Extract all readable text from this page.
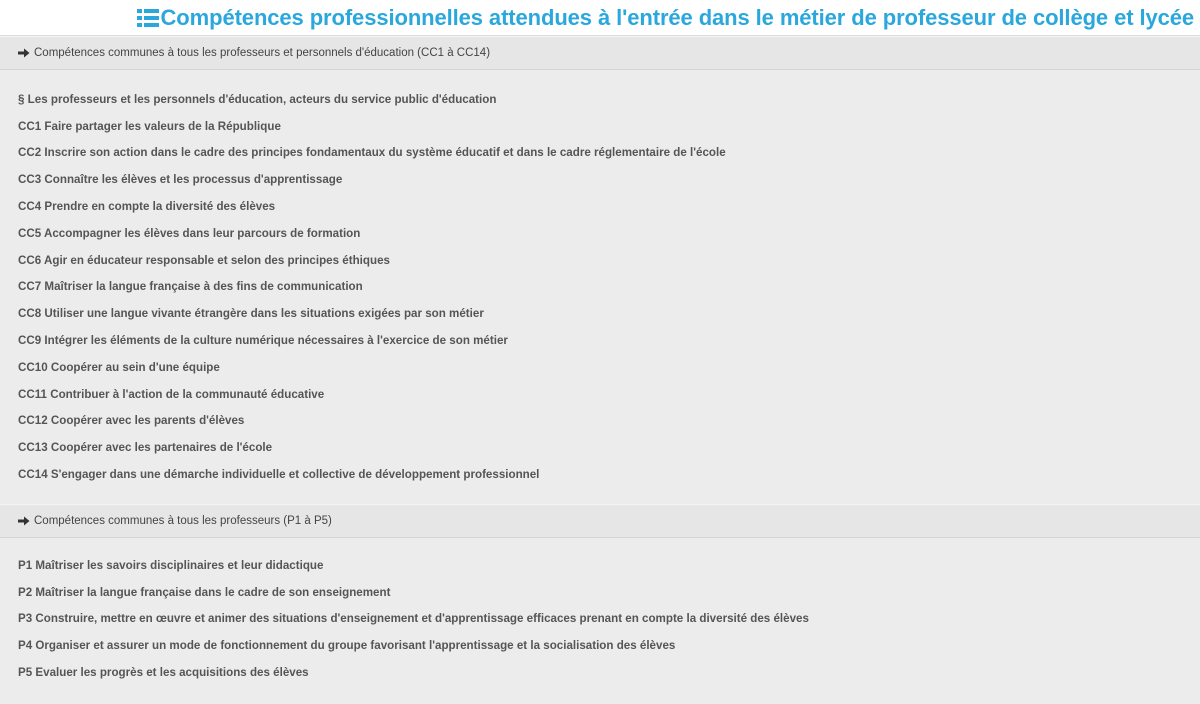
Compétences professionnelles attendues à l'entrée dans le métier de professeur de collège et lycée
Compétences communes à tous les professeurs et personnels d'éducation (CC1 à CC14)
§ Les professeurs et les personnels d'éducation, acteurs du service public d'éducation
CC1 Faire partager les valeurs de la République
CC2 Inscrire son action dans le cadre des principes fondamentaux du système éducatif et dans le cadre réglementaire de l'école
CC3 Connaître les élèves et les processus d'apprentissage
CC4 Prendre en compte la diversité des élèves
CC5 Accompagner les élèves dans leur parcours de formation
CC6 Agir en éducateur responsable et selon des principes éthiques
CC7 Maîtriser la langue française à des fins de communication
CC8 Utiliser une langue vivante étrangère dans les situations exigées par son métier
CC9 Intégrer les éléments de la culture numérique nécessaires à l'exercice de son métier
CC10 Coopérer au sein d'une équipe
CC11 Contribuer à l'action de la communauté éducative
CC12 Coopérer avec les parents d'élèves
CC13 Coopérer avec les partenaires de l'école
CC14 S'engager dans une démarche individuelle et collective de développement professionnel
Compétences communes à tous les professeurs (P1 à P5)
P1 Maîtriser les savoirs disciplinaires et leur didactique
P2 Maîtriser la langue française dans le cadre de son enseignement
P3 Construire, mettre en œuvre et animer des situations d'enseignement et d'apprentissage efficaces prenant en compte la diversité des élèves
P4 Organiser et assurer un mode de fonctionnement du groupe favorisant l'apprentissage et la socialisation des élèves
P5 Evaluer les progrès et les acquisitions des élèves
